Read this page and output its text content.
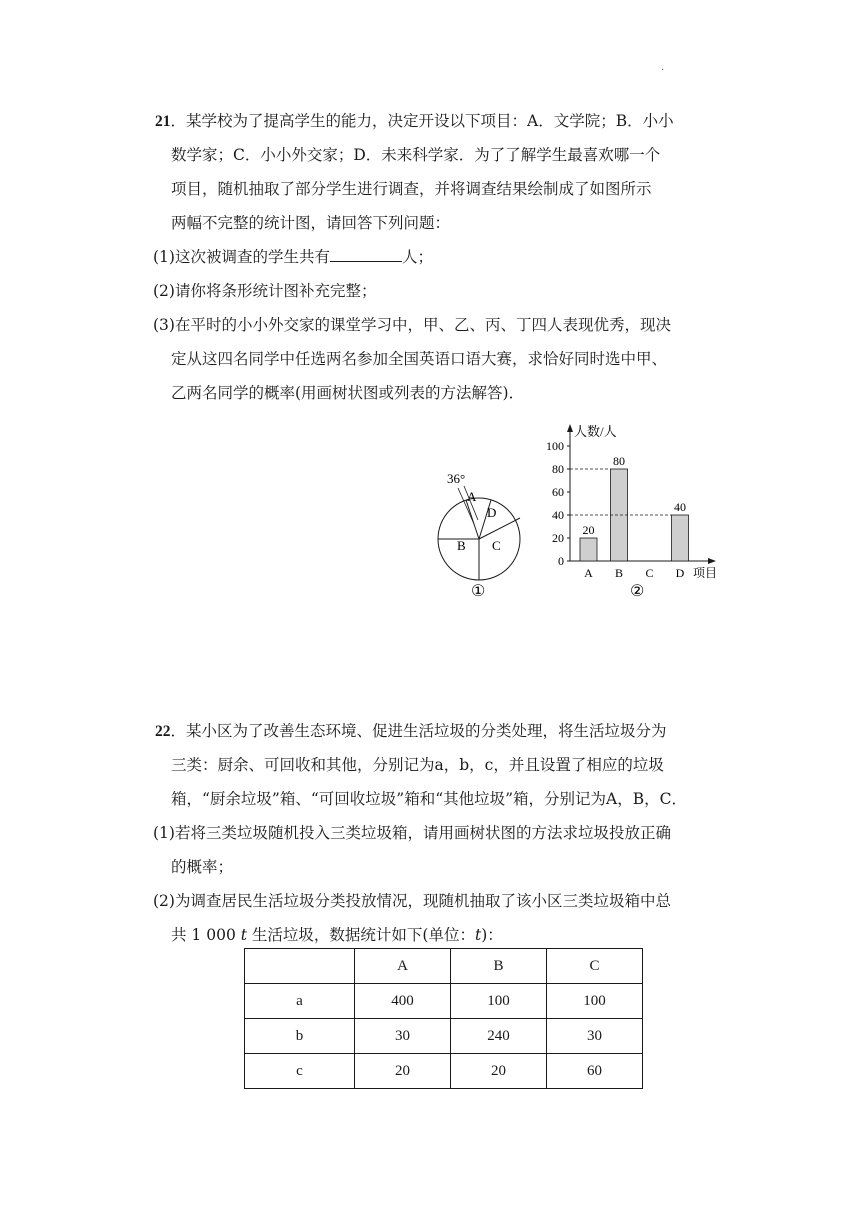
.
21．某学校为了提高学生的能力，决定开设以下项目：A．文学院；B．小小
数学家；C．小小外交家；D．未来科学家．为了了解学生最喜欢哪一个
项目，随机抽取了部分学生进行调查，并将调查结果绘制成了如图所示
两幅不完整的统计图，请回答下列问题：
(1)这次被调查的学生共有	人；
(2)请你将条形统计图补充完整；
(3)在平时的小小外交家的课堂学习中，甲、乙、丙、丁四人表现优秀，现决
定从这四名同学中任选两名参加全国英语口语大赛，求恰好同时选中甲、
乙两名同学的概率(用画树状图或列表的方法解答)．
36°
A
B C
D
①
0
20
40
60
80
100
人数/人
20
A
80
B C
40
D 项目
②
22．某小区为了改善生态环境、促进生活垃圾的分类处理，将生活垃圾分为
三类：厨余、可回收和其他，分别记为a，b，c，并且设置了相应的垃圾
箱，“厨余垃圾”箱、“可回收垃圾”箱和“其他垃圾”箱，分别记为A，B，C．
(1)若将三类垃圾随机投入三类垃圾箱，请用画树状图的方法求垃圾投放正确
的概率；
(2)为调查居民生活垃圾分类投放情况，现随机抽取了该小区三类垃圾箱中总
共 1 000 t 生活垃圾，数据统计如下(单位：t)：
	A	B	C
a	400	100	100
b	30	240	30
c	20	20	60
